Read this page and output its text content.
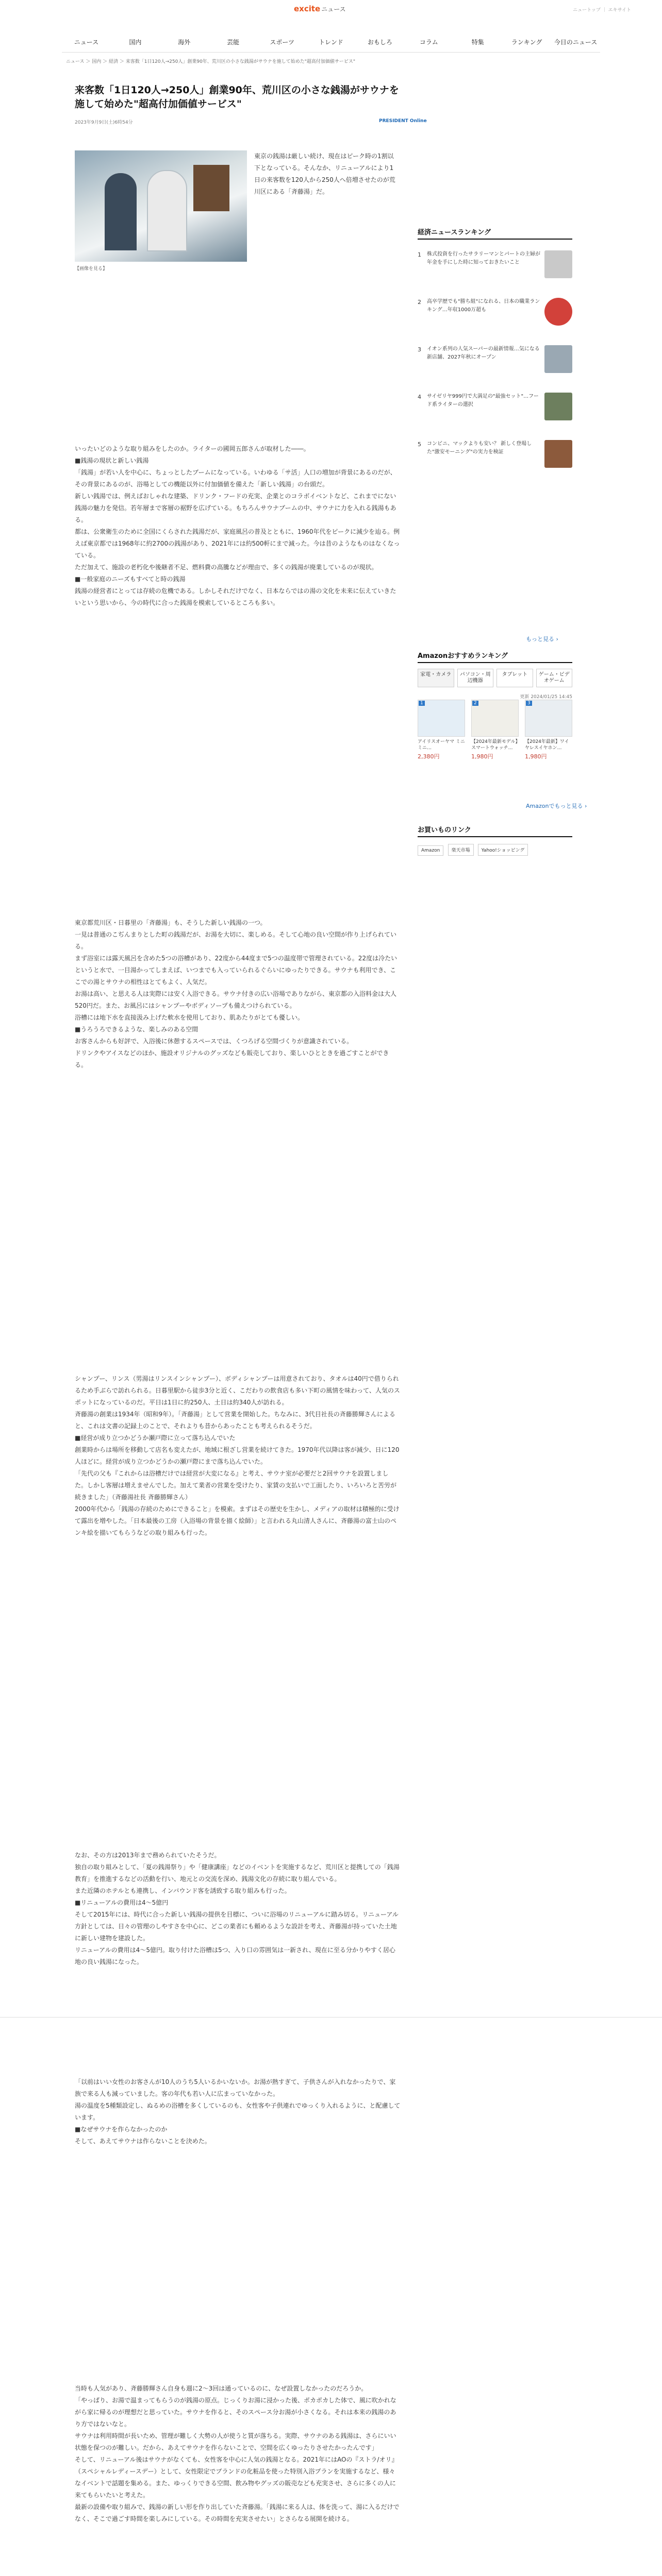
excite ニュース	ニュートップ ｜ エキサイト
ニュース	国内	海外	芸能	スポーツ	トレンド	おもしろ	コラム	特集	ランキング	今日のニュース
ニュース ＞ 国内 ＞ 経済 ＞ 来客数「1日120人→250人」創業90年、荒川区の小さな銭湯がサウナを施して始めた"超高付加価値サービス"
来客数「1日120人→250人」創業90年、荒川区の小さな銭湯がサウナを施して始めた"超高付加価値サービス"
2023年9月9日(土)6時54分	PRESIDENT Online
【画像を見る】
東京の銭湯は厳しい続け、現在はピーク時の1割以下となっている。そんなか、リニューアルにより1日の来客数を120人から250人へ倍増させたのが荒川区にある「斉藤湯」だ。
いったいどのような取り組みをしたのか。ライターの國岡五郎さんが取材した――。
■銭湯の現状と新しい銭湯
「銭湯」が若い人を中心に、ちょっとしたブームになっている。いわゆる「サ活」人口の増加が背景にあるのだが、その背景にあるのが、浴場としての機能以外に付加価値を備えた「新しい銭湯」の台頭だ。
新しい銭湯では、例えばおしゃれな建築、ドリンク・フードの充実、企業とのコラボイベントなど、これまでにない銭湯の魅力を発信。若年層まで客層の裾野を広げている。もちろんサウナブームの中、サウナに力を入れる銭湯もある。
都は、公衆衛生のために全国にくらされた銭湯だが、家庭風呂の普及とともに、1960年代をピークに減少を辿る。例えば東京都では1968年に約2700の銭湯があり、2021年には約500軒にまで減った。今は昔のようなものはなくなっている。
ただ加えて、施設の老朽化や後継者不足、燃料費の高騰などが理由で、多くの銭湯が廃業しているのが現状。
■一般家庭のニーズもすべてと時の銭湯
銭湯の経営者にとっては存続の危機である。しかしそれだけでなく、日本ならではの湯の文化を未来に伝えていきたいという思いから、今の時代に合った銭湯を模索しているところも多い。
東京都荒川区・日暮里の「斉藤湯」も、そうした新しい銭湯の一つ。
一見は普通のこぢんまりとした町の銭湯だが、お湯を大切に、楽しめる。そして心地の良い空間が作り上げられている。
まず浴室には露天風呂を含めた5つの浴槽があり、22度から44度まで5つの温度帯で管理されている。22度は冷たいというと水で、一目湯かってしまえば、いつまでも入っていられるぐらいにゆったりできる。サウナも利用でき、ここでの湯とサウナの相性はとてもよく、人気だ。
お湯は高い、と思える人は実際には安く入浴できる。サウナ付きの広い浴場でありながら、東京都の入浴料金は大人520円だ。また、お風呂にはシャンプーやボディソープも備えつけられている。
浴槽には地下水を直接汲み上げた軟水を使用しており、肌あたりがとても優しい。
■うろうろできるような、楽しみのある空間
お客さんからも好評で、入浴後に休憩するスペースでは、くつろげる空間づくりが意識されている。
ドリンクやアイスなどのほか、施設オリジナルのグッズなども販売しており、楽しいひとときを過ごすことができる。
シャンプー、リンス（男湯はリンスインシャンプー）、ボディシャンプーは用意されており、タオルは40円で借りられるため手ぶらで訪れられる。日暮里駅から徒歩3分と近く、こだわりの飲食店も多い下町の風情を味わって、人気のスポットになっているのだ。平日は1日に約250人、土日は約340人が訪れる。
斉藤湯の創業は1934年（昭和9年）。「斉藤湯」として営業を開始した。ちなみに、3代目社長の斉藤勝輝さんによると、これは文書の記録上のことで、それよりも昔からあったことも考えられるそうだ。
■経営が成り立つかどうか瀬戸際に立って落ち込んでいた
創業時からは場所を移動して店名も変えたが、地域に根ざし営業を続けてきた。1970年代以降は客が減少、日に120人ほどに。経営が成り立つかどうかの瀬戸際にまで落ち込んでいた。
「先代の父も『これからは浴槽だけでは経営が大変になる』と考え、サウナ室が必要だと2回サウナを設置しました。しかし客層は増えませんでした。加えて業者の営業を受けたり、家賃の支払いで工面したり、いろいろと苦労が続きました」（斉藤湯社長 斉藤勝輝さん）
2000年代から「銭湯の存続のためにできること」を模索。まずはその歴史を生かし、メディアの取材は積極的に受けて露出を増やした。「日本最後の工房（入浴場の背景を描く絵師）」と言われる丸山清人さんに、斉藤湯の富士山のペンキ絵を描いてもらうなどの取り組みも行った。
なお、その方は2013年まで務められていたそうだ。
独自の取り組みとして、「夏の銭湯祭り」や「健康講座」などのイベントを実施するなど、荒川区と提携しての「銭湯教育」を推進するなどの活動を行い、地元との交流を深め、銭湯文化の存続に取り組んでいる。
また近隣のホテルとも連携し、インバウンド客を誘致する取り組みも行った。
■リニューアルの費用は4～5億円
そして2015年には、時代に合った新しい銭湯の提供を目標に、ついに浴場のリニューアルに踏み切る。リニューアル方針としては、日々の管理のしやすさを中心に、どこの業者にも頼めるような設計を考え、斉藤湯が持っていた土地に新しい建物を建設した。
リニューアルの費用は4～5億円。取り付けた浴槽は5つ、入り口の雰囲気は一新され、現在に至る分かりやすく居心地の良い銭湯になった。
「以前はいい女性のお客さんが10人のうち5人いるかいないか。お湯が熱すぎて、子供さんが入れなかったりで、家族で来る人も減っていました。客の年代も若い人に広まっていなかった。
湯の温度を5種類設定し、ぬるめの浴槽を多くしているのも、女性客や子供連れでゆっくり入れるように、と配慮しています。
■なぜサウナを作らなかったのか
そして、あえてサウナは作らないことを決めた。
当時も人気があり、斉藤勝輝さん自身も週に2～3回は通っているのに、なぜ設置しなかったのだろうか。
「やっぱり、お湯で温まってもらうのが銭湯の原点。じっくりお湯に浸かった後、ポカポカした体で、風に吹かれながら家に帰るのが理想だと思っていた。サウナを作ると、そのスペース分お湯が小さくなる。それは本来の銭湯のあり方ではないなと。
サウナは利用時間が長いため、管理が難しく大勢の人が使うと質が落ちる。実際、サウナのある銭湯は、さらにいい状態を保つのが難しい。だから、あえてサウナを作らないことで、空間を広くゆったりさせたかったんです」
そして、リニューアル後はサウナがなくても、女性客を中心に人気の銭湯となる。2021年にはAOの『ストラ/オリ』（スペシャルレディースデー）として、女性限定でブランドの化粧品を使った特別入浴プランを実施するなど、様々なイベントで話題を集める。また、ゆっくりできる空間、飲み物やグッズの販売なども充実させ、さらに多くの人に来てもらいたいと考えた。
最新の設備や取り組みで、銭湯の新しい形を作り出していた斉藤湯。「銭湯に来る人は、体を洗って、湯に入るだけでなく、そこで過ごす時間を楽しみにしている。その時間を充実させたい」とさらなる展開を続ける。
経済ニュースランキング
1 株式投資を行ったサラリーマンとパートの主婦が年金を手にした時に知っておきたいこと
2 高卒学歴でも"勝ち組"になれる、日本の職業ランキング…年収1000万超も
3 イオン系列の人気スーパーの最新情報…気になる新店舗、2027年秋にオープン
4 サイゼリヤ999円で大満足の"最強セット"…フード系ライターの選択
5 コンビニ、マックよりも安い？ 新しく登場した"激安モーニング"の実力を検証
もっと見る ›
Amazonおすすめランキング
家電・カメラ	パソコン・周辺機器
タブレット	ゲーム・ビデオゲーム
更新 2024/01/25 14:45
1
アイリスオーヤマ ミニ ミニ…
2,380円
2
【2024年最新モデル】スマートウォッチ…
1,980円
3
【2024年最新】ワイヤレスイヤホン…
1,980円
Amazonでもっと見る ›
お買いものリンク
Amazon 楽天市場 Yahoo!ショッピング
